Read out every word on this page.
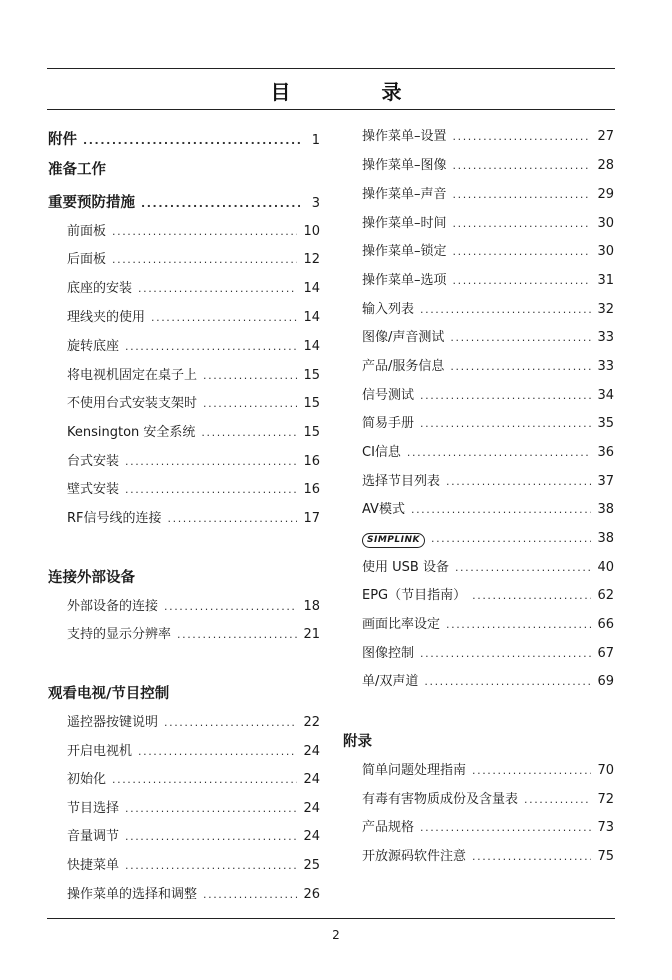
目 录
附件 .....	1
准备工作
重要预防措施 .....	3
前面板 .....	10
后面板 .....	12
底座的安装 .....	14
理线夹的使用 .....	14
旋转底座 .....	14
将电视机固定在桌子上 .....	15
不使用台式安装支架时 .....	15
Kensington 安全系统 .....	15
台式安装 .....	16
壁式安装 .....	16
RF信号线的连接 .....	17
连接外部设备
外部设备的连接 .....	18
支持的显示分辨率 .....	21
观看电视/节目控制
遥控器按键说明 .....	22
开启电视机 .....	24
初始化 .....	24
节目选择 .....	24
音量调节 .....	24
快捷菜单 .....	25
操作菜单的选择和调整 .....	26
操作菜单–设置 .....	27
操作菜单–图像 .....	28
操作菜单–声音 .....	29
操作菜单–时间 .....	30
操作菜单–锁定 .....	30
操作菜单–选项 .....	31
输入列表 .....	32
图像/声音测试 .....	33
产品/服务信息 .....	33
信号测试 .....	34
简易手册 .....	35
CI信息 .....	36
选择节目列表 .....	37
AV模式 .....	38
SIMPLINK .....	38
使用 USB 设备 .....	40
EPG（节目指南） .....	62
画面比率设定 .....	66
图像控制 .....	67
单/双声道 .....	69
附录
简单问题处理指南 .....	70
有毒有害物质成份及含量表 .....	72
产品规格 .....	73
开放源码软件注意 .....	75
2
